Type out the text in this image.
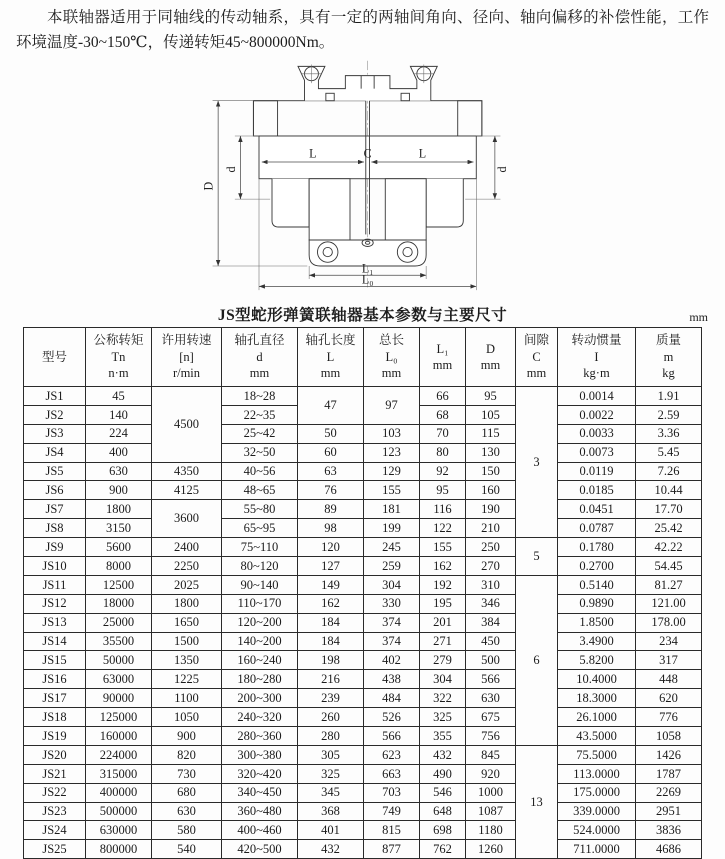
本联轴器适用于同轴线的传动轴系，具有一定的两轴间角向、径向、轴向偏移的补偿性能，工作环境温度-30~150℃，传递转矩45~800000Nm。

L	C	L
D
d	d
L₁
L₀
JS型蛇形弹簧联轴器基本参数与主要尺寸	mm
型号

公称转矩
Tn
n·m

许用转速
[n]
r/min

轴孔直径
d
mm

轴孔长度
L
mm

总长
L₀
mm

L₁
mm

D
mm

间隙
C
mm

转动惯量
I
kg·m

质量
m
kg

JS1	45	4500	18~28	47	97	66	95	3	0.0014	1.91
JS2	140		22~35			68	105		0.0022	2.59
JS3	224		25~42	50	103	70	115		0.0033	3.36
JS4	400		32~50	60	123	80	130		0.0073	5.45
JS5	630	4350	40~56	63	129	92	150		0.0119	7.26
JS6	900	4125	48~65	76	155	95	160		0.0185	10.44
JS7	1800	3600	55~80	89	181	116	190		0.0451	17.70
JS8	3150		65~95	98	199	122	210		0.0787	25.42
JS9	5600	2400	75~110	120	245	155	250	5	0.1780	42.22
JS10	8000	2250	80~120	127	259	162	270		0.2700	54.45
JS11	12500	2025	90~140	149	304	192	310	6	0.5140	81.27
JS12	18000	1800	110~170	162	330	195	346		0.9890	121.00
JS13	25000	1650	120~200	184	374	201	384		1.8500	178.00
JS14	35500	1500	140~200	184	374	271	450		3.4900	234
JS15	50000	1350	160~240	198	402	279	500		5.8200	317
JS16	63000	1225	180~280	216	438	304	566		10.4000	448
JS17	90000	1100	200~300	239	484	322	630		18.3000	620
JS18	125000	1050	240~320	260	526	325	675		26.1000	776
JS19	160000	900	280~360	280	566	355	756		43.5000	1058
JS20	224000	820	300~380	305	623	432	845	13	75.5000	1426
JS21	315000	730	320~420	325	663	490	920		113.0000	1787
JS22	400000	680	340~450	345	703	546	1000		175.0000	2269
JS23	500000	630	360~480	368	749	648	1087		339.0000	2951
JS24	630000	580	400~460	401	815	698	1180		524.0000	3836
JS25	800000	540	420~500	432	877	762	1260		711.0000	4686
